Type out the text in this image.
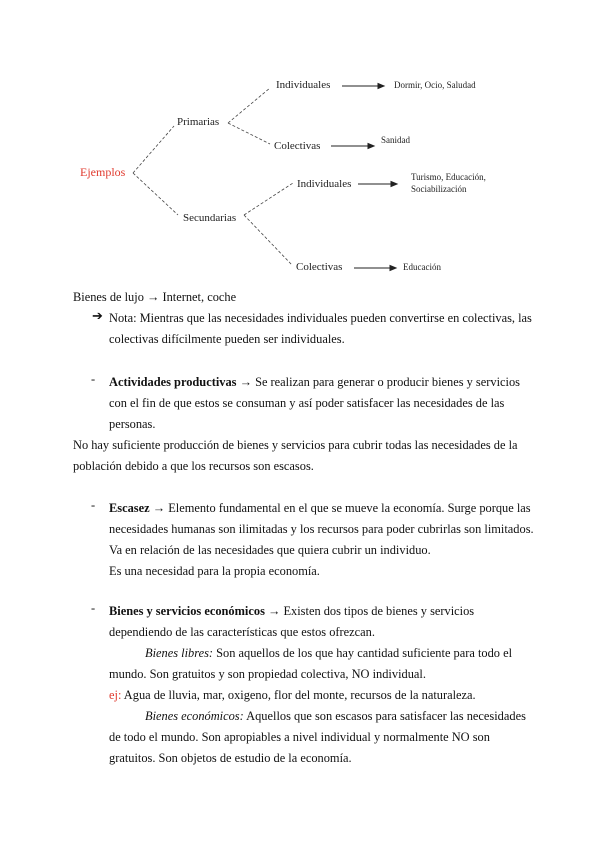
Ejemplos
Primarias
Secundarias
Individuales	Dormir, Ocio, Saludad
Colectivas	Sanidad
Individuales
Turismo, Educación,
Sociabilización
Colectivas	Educación
Bienes de lujo → Internet, coche
➔ Nota: Mientras que las necesidades individuales pueden convertirse en colectivas, las
colectivas difícilmente pueden ser individuales.
- Actividades productivas → Se realizan para generar o producir bienes y servicios
con el fin de que estos se consuman y así poder satisfacer las necesidades de las
personas.
No hay suficiente producción de bienes y servicios para cubrir todas las necesidades de la
población debido a que los recursos son escasos.
- Escasez → Elemento fundamental en el que se mueve la economía. Surge porque las
necesidades humanas son ilimitadas y los recursos para poder cubrirlas son limitados.
Va en relación de las necesidades que quiera cubrir un individuo.
Es una necesidad para la propia economía.
- Bienes y servicios económicos → Existen dos tipos de bienes y servicios
dependiendo de las características que estos ofrezcan.
Bienes libres: Son aquellos de los que hay cantidad suficiente para todo el
mundo. Son gratuitos y son propiedad colectiva, NO individual.
ej: Agua de lluvia, mar, oxigeno, flor del monte, recursos de la naturaleza.
Bienes económicos: Aquellos que son escasos para satisfacer las necesidades
de todo el mundo. Son apropiables a nivel individual y normalmente NO son
gratuitos. Son objetos de estudio de la economía.
